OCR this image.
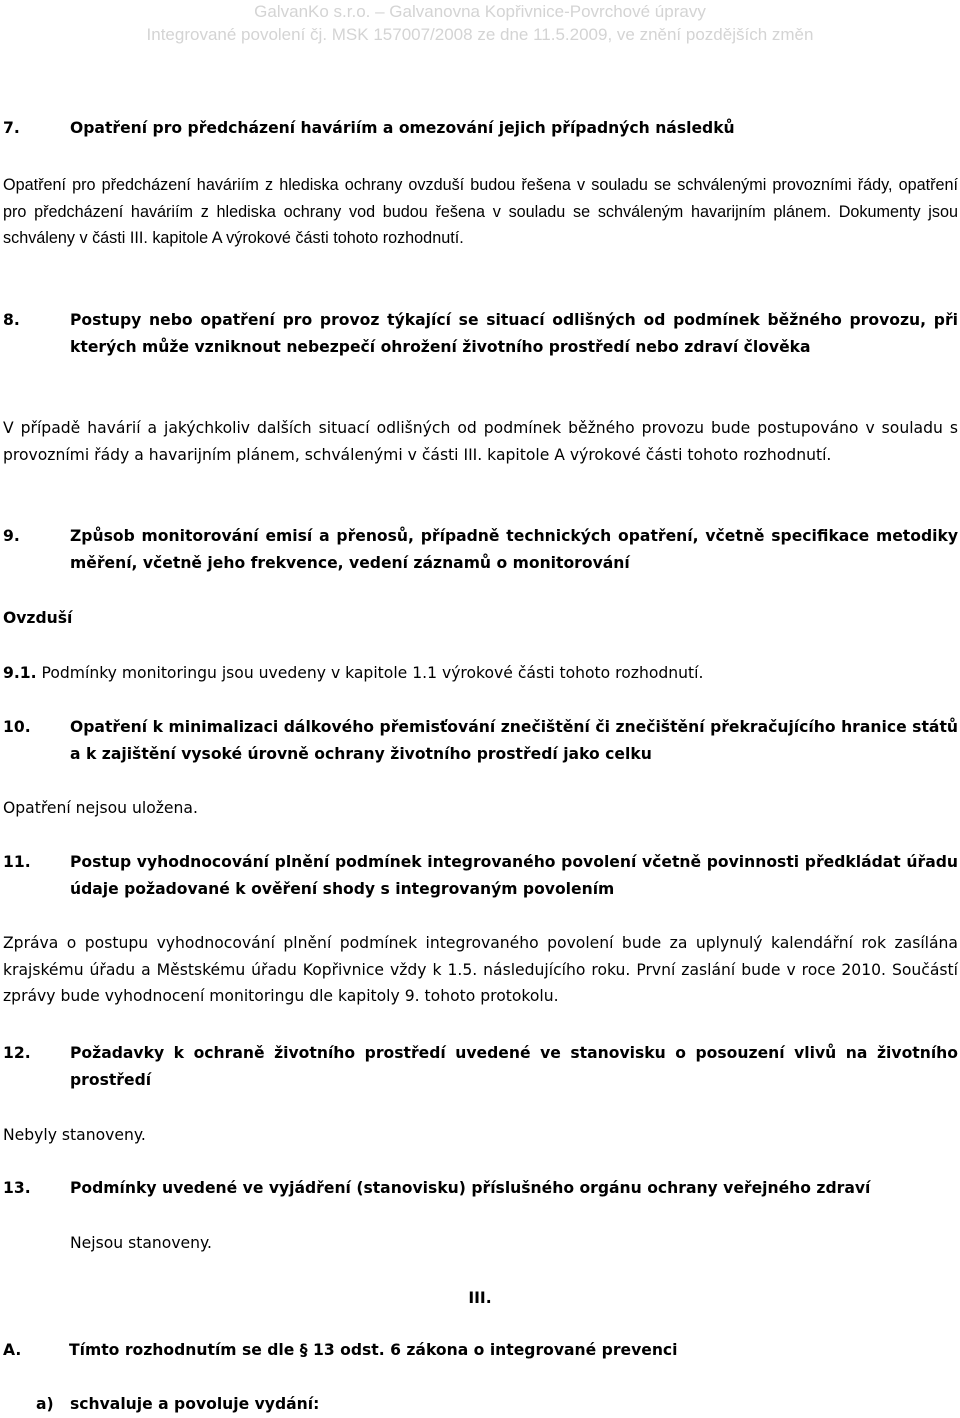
GalvanKo s.r.o. – Galvanovna Kopřivnice-Povrchové úpravy
Integrované povolení čj. MSK 157007/2008 ze dne 11.5.2009, ve znění pozdějších změn
7.	Opatření pro předcházení haváriím a omezování jejich případných následků
Opatření pro předcházení haváriím z hlediska ochrany ovzduší budou řešena v souladu se schválenými provozními řády, opatření pro předcházení haváriím z hlediska ochrany vod budou řešena v souladu se schváleným havarijním plánem. Dokumenty jsou schváleny v části III. kapitole A výrokové části tohoto rozhodnutí.
8.	Postupy nebo opatření pro provoz týkající se situací odlišných od podmínek běžného provozu, při kterých může vzniknout nebezpečí ohrožení životního prostředí nebo zdraví člověka
V případě havárií a jakýchkoliv dalších situací odlišných od podmínek běžného provozu bude postupováno v souladu s provozními řády a havarijním plánem, schválenými v části III. kapitole A výrokové části tohoto rozhodnutí.
9.	Způsob monitorování emisí a přenosů, případně technických opatření, včetně specifikace metodiky měření, včetně jeho frekvence, vedení záznamů o monitorování
Ovzduší
9.1. Podmínky monitoringu jsou uvedeny v kapitole 1.1 výrokové části tohoto rozhodnutí.
10.	Opatření k minimalizaci dálkového přemisťování znečištění či znečištění překračujícího hranice států a k zajištění vysoké úrovně ochrany životního prostředí jako celku
Opatření nejsou uložena.
11.	Postup vyhodnocování plnění podmínek integrovaného povolení včetně povinnosti předkládat úřadu údaje požadované k ověření shody s integrovaným povolením
Zpráva o postupu vyhodnocování plnění podmínek integrovaného povolení bude za uplynulý kalendářní rok zasílána krajskému úřadu a Městskému úřadu Kopřivnice vždy k 1.5. následujícího roku. První zaslání bude v roce 2010. Součástí zprávy bude vyhodnocení monitoringu dle kapitoly 9. tohoto protokolu.
12.	Požadavky k ochraně životního prostředí uvedené ve stanovisku o posouzení vlivů na životního prostředí
Nebyly stanoveny.
13.	Podmínky uvedené ve vyjádření (stanovisku) příslušného orgánu ochrany veřejného zdraví
Nejsou stanoveny.
III.
A.	Tímto rozhodnutím se dle § 13 odst. 6 zákona o integrované prevenci
a) schvaluje a povoluje vydání:
